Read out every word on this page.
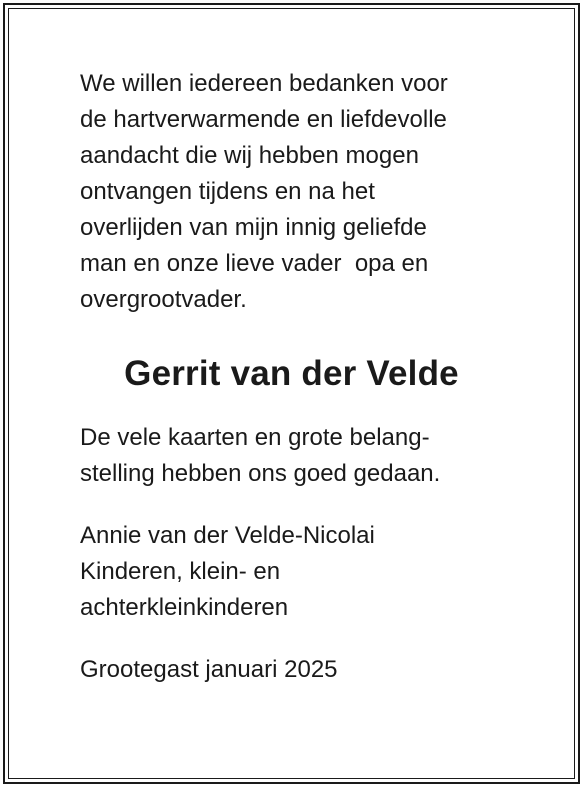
We willen iedereen bedanken voor
de hartverwarmende en liefdevolle
aandacht die wij hebben mogen
ontvangen tijdens en na het
overlijden van mijn innig geliefde
man en onze lieve vader  opa en
overgrootvader.

Gerrit van der Velde

De vele kaarten en grote belang-
stelling hebben ons goed gedaan.

Annie van der Velde-Nicolai
Kinderen, klein- en
achterkleinkinderen

Grootegast januari 2025
